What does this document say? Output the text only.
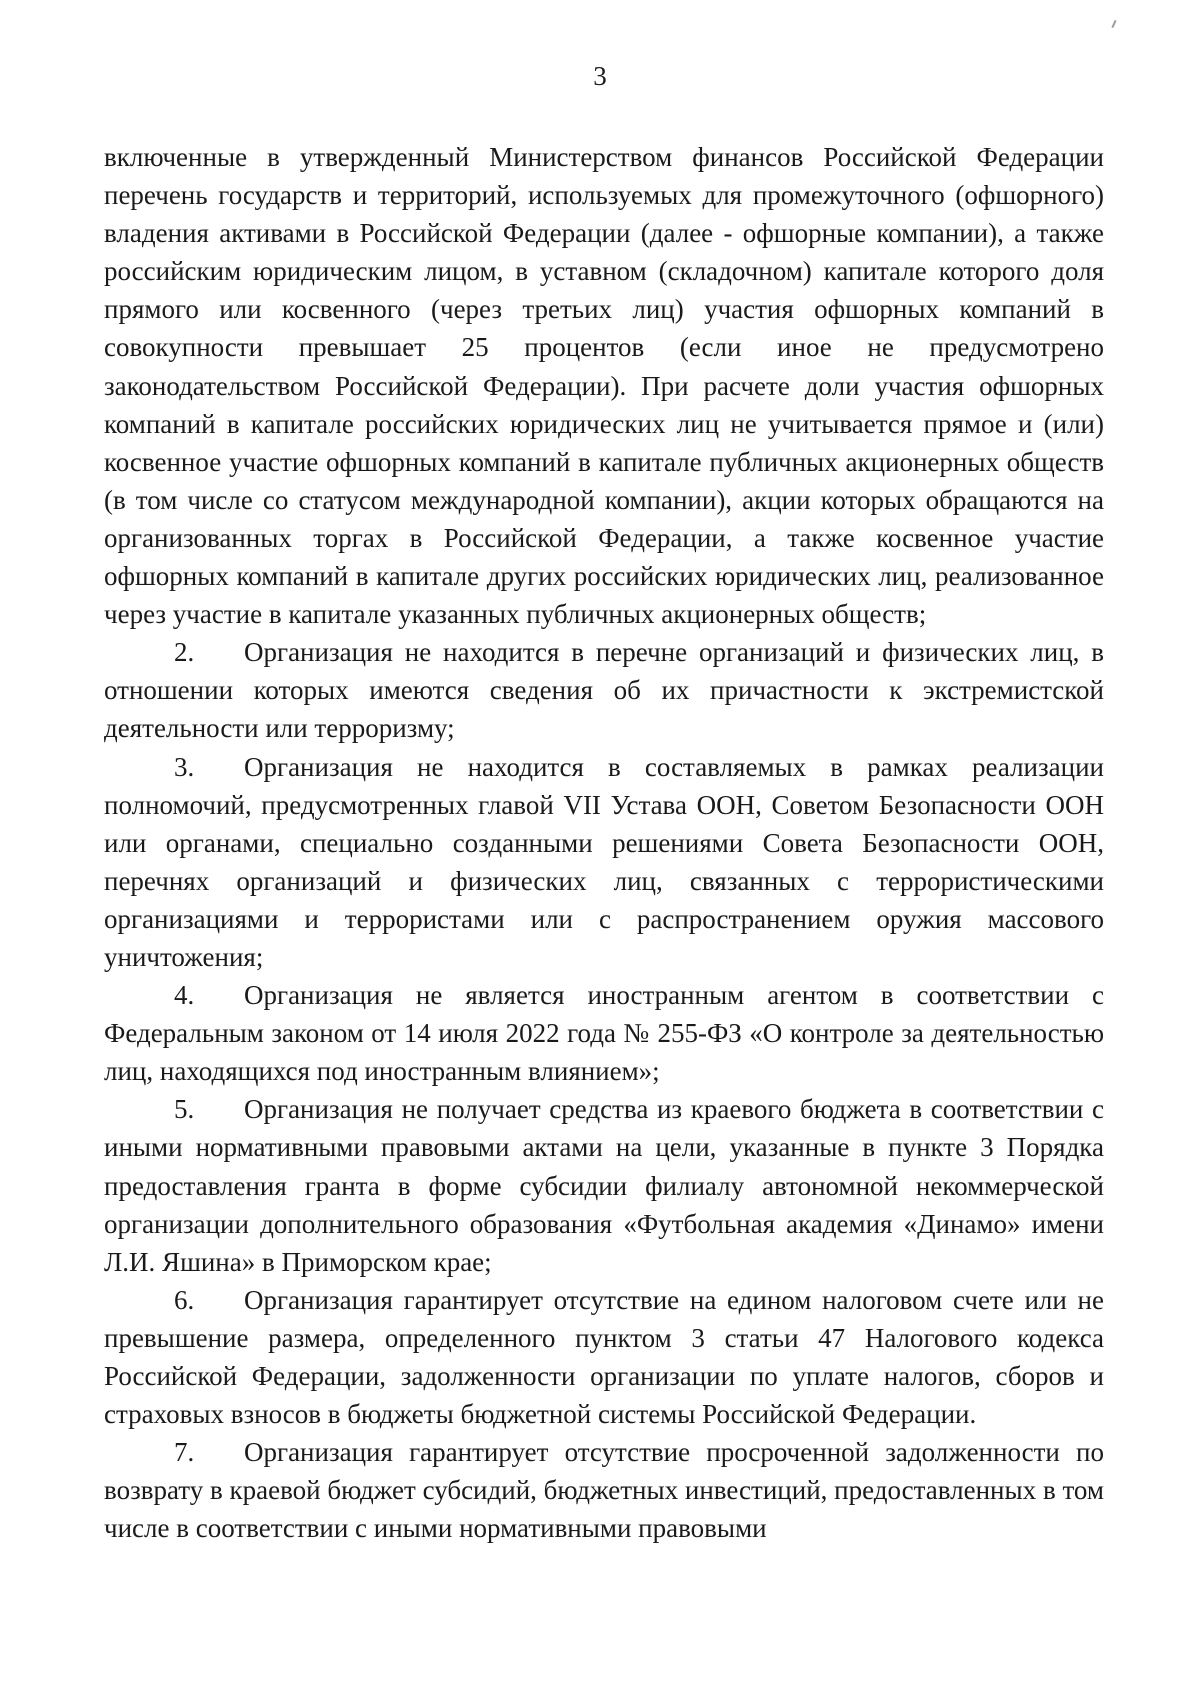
3

включенные в утвержденный Министерством финансов Российской Федерации перечень государств и территорий, используемых для промежуточного (офшорного) владения активами в Российской Федерации (далее - офшорные компании), а также российским юридическим лицом, в уставном (складочном) капитале которого доля прямого или косвенного (через третьих лиц) участия офшорных компаний в совокупности превышает 25 процентов (если иное не предусмотрено законодательством Российской Федерации). При расчете доли участия офшорных компаний в капитале российских юридических лиц не учитывается прямое и (или) косвенное участие офшорных компаний в капитале публичных акционерных обществ (в том числе со статусом международной компании), акции которых обращаются на организованных торгах в Российской Федерации, а также косвенное участие офшорных компаний в капитале других российских юридических лиц, реализованное через участие в капитале указанных публичных акционерных обществ;

2. Организация не находится в перечне организаций и физических лиц, в отношении которых имеются сведения об их причастности к экстремистской деятельности или терроризму;

3. Организация не находится в составляемых в рамках реализации полномочий, предусмотренных главой VII Устава ООН, Советом Безопасности ООН или органами, специально созданными решениями Совета Безопасности ООН, перечнях организаций и физических лиц, связанных с террористическими организациями и террористами или с распространением оружия массового уничтожения;

4. Организация не является иностранным агентом в соответствии с Федеральным законом от 14 июля 2022 года № 255-ФЗ «О контроле за деятельностью лиц, находящихся под иностранным влиянием»;

5. Организация не получает средства из краевого бюджета в соответствии с иными нормативными правовыми актами на цели, указанные в пункте 3 Порядка предоставления гранта в форме субсидии филиалу автономной некоммерческой организации дополнительного образования «Футбольная академия «Динамо» имени Л.И. Яшина» в Приморском крае;

6. Организация гарантирует отсутствие на едином налоговом счете или не превышение размера, определенного пунктом 3 статьи 47 Налогового кодекса Российской Федерации, задолженности организации по уплате налогов, сборов и страховых взносов в бюджеты бюджетной системы Российской Федерации.

7. Организация гарантирует отсутствие просроченной задолженности по возврату в краевой бюджет субсидий, бюджетных инвестиций, предоставленных в том числе в соответствии с иными нормативными правовыми
